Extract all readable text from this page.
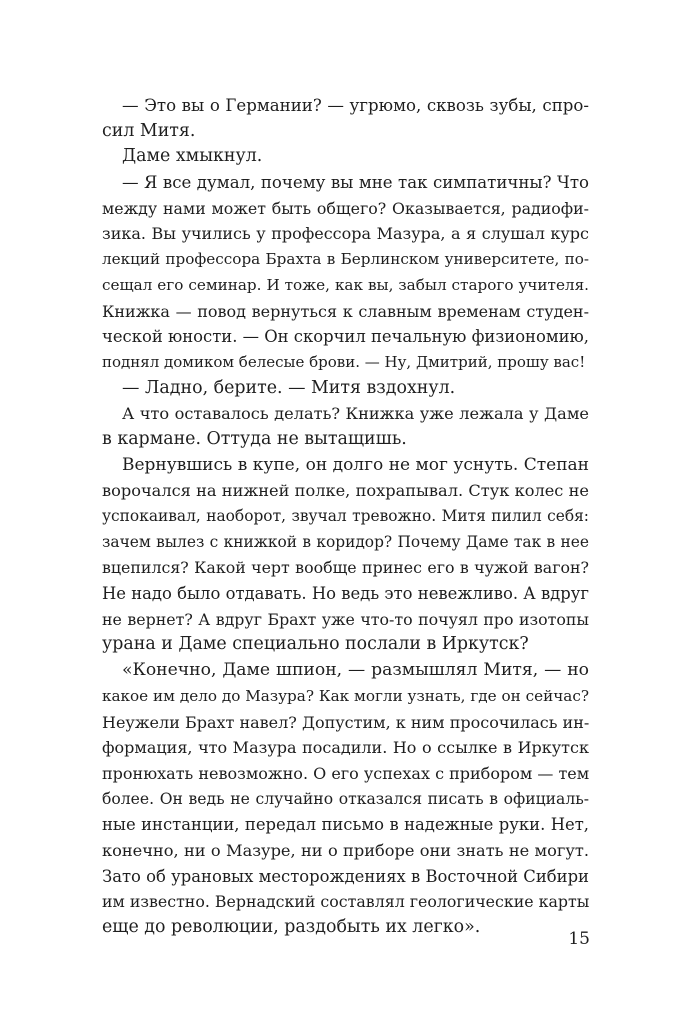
— Это вы о Германии? — угрюмо, сквозь зубы, спро-
сил Митя.
Даме хмыкнул.
— Я все думал, почему вы мне так симпатичны? Что
между нами может быть общего? Оказывается, радиофи-
зика. Вы учились у профессора Мазура, а я слушал курс
лекций профессора Брахта в Берлинском университете, по-
сещал его семинар. И тоже, как вы, забыл старого учителя.
Книжка — повод вернуться к славным временам студен-
ческой юности. — Он скорчил печальную физиономию,
поднял домиком белесые брови. — Ну, Дмитрий, прошу вас!
— Ладно, берите. — Митя вздохнул.
А что оставалось делать? Книжка уже лежала у Даме
в кармане. Оттуда не вытащишь.
Вернувшись в купе, он долго не мог уснуть. Степан
ворочался на нижней полке, похрапывал. Стук колес не
успокаивал, наоборот, звучал тревожно. Митя пилил себя:
зачем вылез с книжкой в коридор? Почему Даме так в нее
вцепился? Какой черт вообще принес его в чужой вагон?
Не надо было отдавать. Но ведь это невежливо. А вдруг
не вернет? А вдруг Брахт уже что-то почуял про изотопы
урана и Даме специально послали в Иркутск?
«Конечно, Даме шпион, — размышлял Митя, — но
какое им дело до Мазура? Как могли узнать, где он сейчас?
Неужели Брахт навел? Допустим, к ним просочилась ин-
формация, что Мазура посадили. Но о ссылке в Иркутск
пронюхать невозможно. О его успехах с прибором — тем
более. Он ведь не случайно отказался писать в официаль-
ные инстанции, передал письмо в надежные руки. Нет,
конечно, ни о Мазуре, ни о приборе они знать не могут.
Зато об урановых месторождениях в Восточной Сибири
им известно. Вернадский составлял геологические карты
еще до революции, раздобыть их легко».
15
